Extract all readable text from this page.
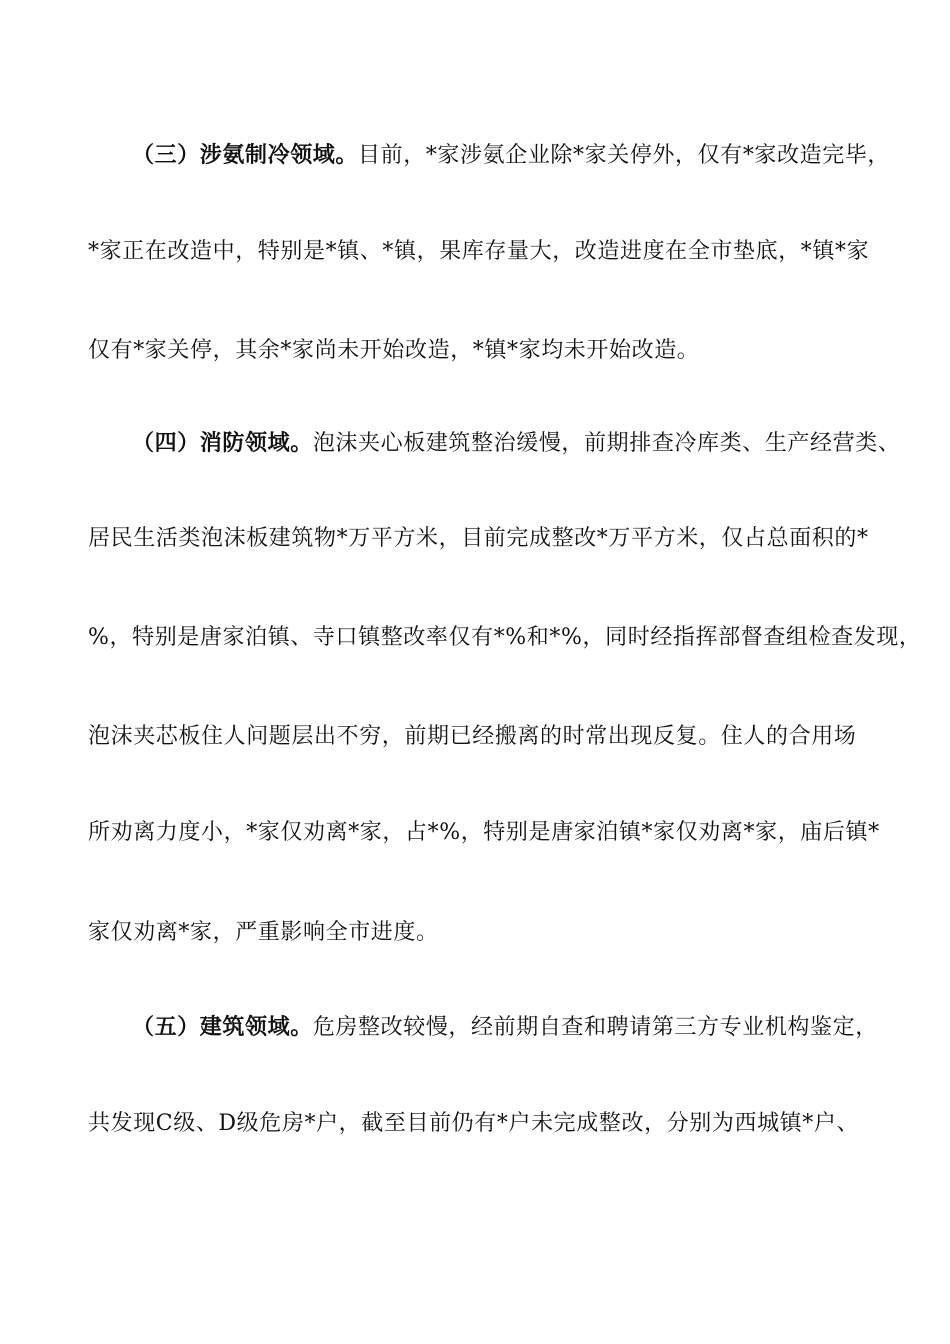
（三）涉氨制冷领域。目前，*家涉氨企业除*家关停外，仅有*家改造完毕，
*家正在改造中，特别是*镇、*镇，果库存量大，改造进度在全市垫底，*镇*家
仅有*家关停，其余*家尚未开始改造，*镇*家均未开始改造。
（四）消防领域。泡沫夹心板建筑整治缓慢，前期排查冷库类、生产经营类、
居民生活类泡沫板建筑物*万平方米，目前完成整改*万平方米，仅占总面积的*
%，特别是唐家泊镇、寺口镇整改率仅有*%和*%，同时经指挥部督查组检查发现，
泡沫夹芯板住人问题层出不穷，前期已经搬离的时常出现反复。住人的合用场
所劝离力度小，*家仅劝离*家，占*%，特别是唐家泊镇*家仅劝离*家，庙后镇*
家仅劝离*家，严重影响全市进度。
（五）建筑领域。危房整改较慢，经前期自查和聘请第三方专业机构鉴定，
共发现C级、D级危房*户，截至目前仍有*户未完成整改，分别为西城镇*户、
